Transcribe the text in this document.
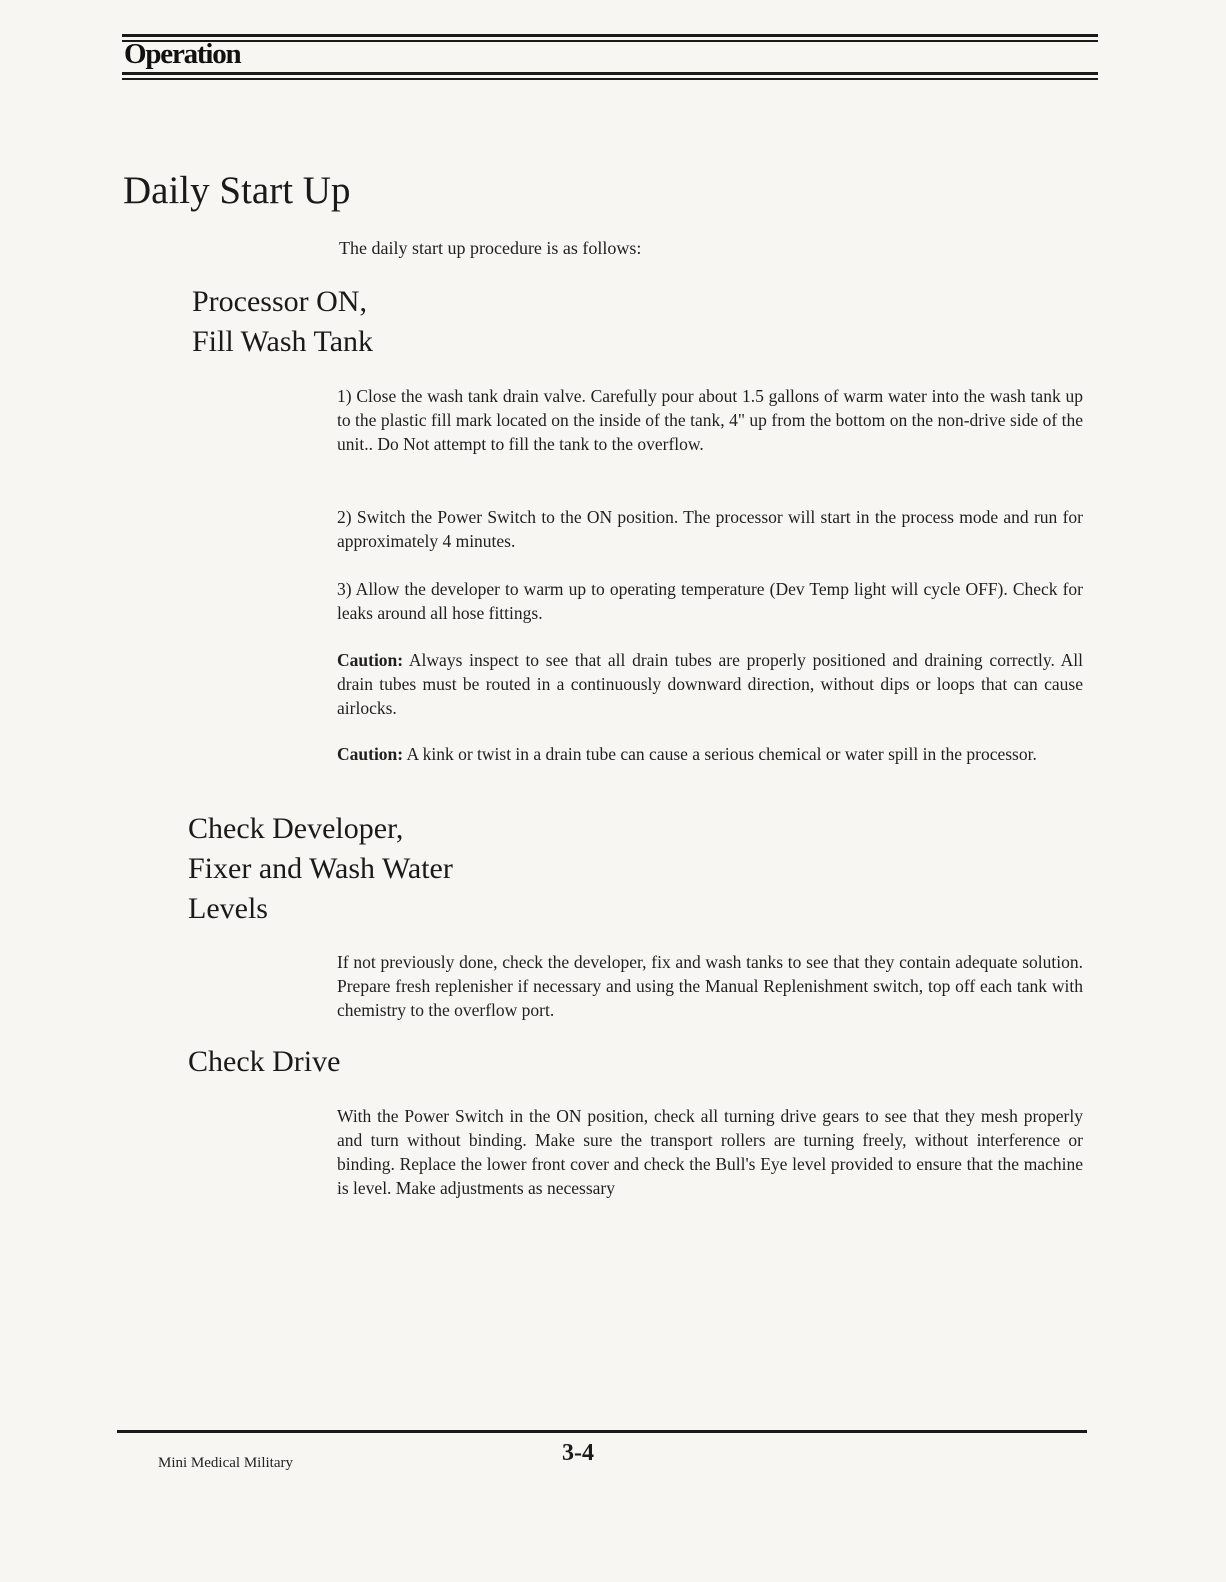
Operation
Daily Start Up
The daily start up procedure is as follows:
Processor ON,
Fill Wash Tank

1) Close the wash tank drain valve. Carefully pour about 1.5 gallons of warm water into the wash tank up to the plastic fill mark located on the inside of the tank, 4" up from the bottom on the non-drive side of the unit.. Do Not attempt to fill the tank to the overflow.

2) Switch the Power Switch to the ON position. The processor will start in the process mode and run for approximately 4 minutes.

3) Allow the developer to warm up to operating temperature (Dev Temp light will cycle OFF). Check for leaks around all hose fittings.

Caution: Always inspect to see that all drain tubes are properly positioned and draining correctly. All drain tubes must be routed in a continuously downward direction, without dips or loops that can cause airlocks.

Caution: A kink or twist in a drain tube can cause a serious chemical or water spill in the processor.

Check Developer,
Fixer and Wash Water
Levels

If not previously done, check the developer, fix and wash tanks to see that they contain adequate solution. Prepare fresh replenisher if necessary and using the Manual Replenishment switch, top off each tank with chemistry to the overflow port.

Check Drive

With the Power Switch in the ON position, check all turning drive gears to see that they mesh properly and turn without binding. Make sure the transport rollers are turning freely, without interference or binding. Replace the lower front cover and check the Bull's Eye level provided to ensure that the machine is level. Make adjustments as necessary

Mini Medical Military	3-4
